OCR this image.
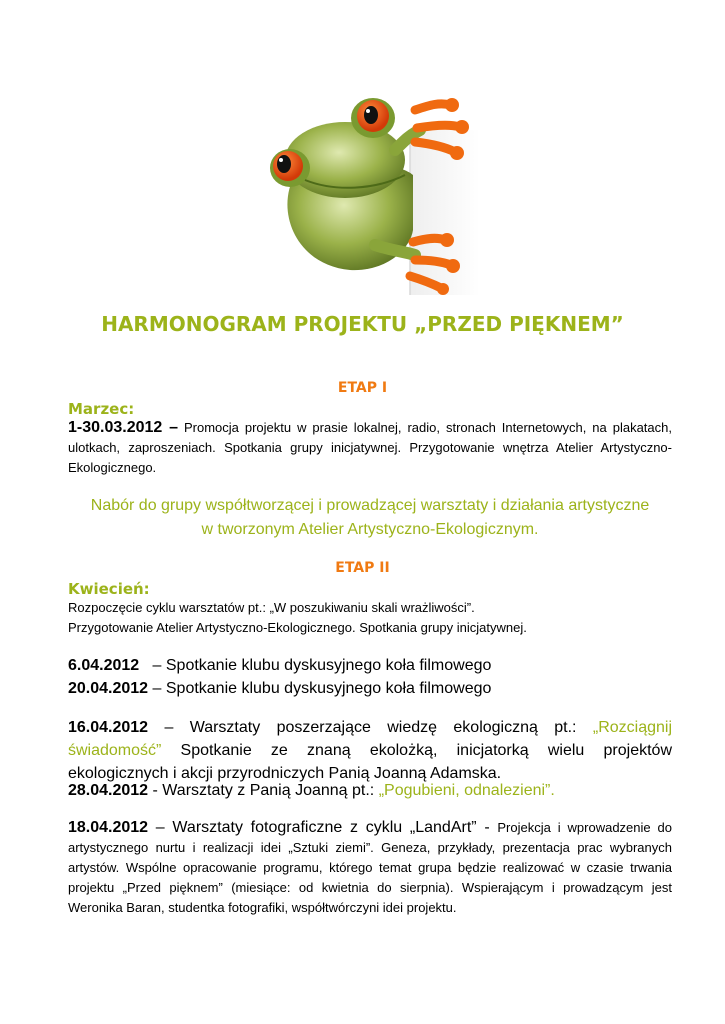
HARMONOGRAM PROJEKTU „PRZED PIĘKNEM”
ETAP I
Marzec:
1-30.03.2012 – Promocja projektu w prasie lokalnej, radio, stronach Internetowych, na plakatach, ulotkach, zaproszeniach. Spotkania grupy inicjatywnej. Przygotowanie wnętrza Atelier Artystyczno-Ekologicznego.

Nabór do grupy współtworzącej i prowadzącej warsztaty i działania artystyczne

w tworzonym Atelier Artystyczno-Ekologicznym.

ETAP II
Kwiecień:

Rozpoczęcie cyklu warsztatów pt.: „W poszukiwaniu skali wrażliwości”.

Przygotowanie Atelier Artystyczno-Ekologicznego. Spotkania grupy inicjatywnej.

6.04.2012   – Spotkanie klubu dyskusyjnego koła filmowego

20.04.2012 – Spotkanie klubu dyskusyjnego koła filmowego

16.04.2012 – Warsztaty poszerzające wiedzę ekologiczną pt.: „Rozciągnij świadomość” Spotkanie ze znaną ekolożką, inicjatorką wielu projektów ekologicznych i akcji przyrodniczych Panią Joanną Adamska.
28.04.2012 - Warsztaty z Panią Joanną pt.: „Pogubieni, odnalezieni”.
18.04.2012 – Warsztaty fotograficzne z cyklu „LandArt” - Projekcja i wprowadzenie do artystycznego nurtu i realizacji idei „Sztuki ziemi”. Geneza, przykłady, prezentacja prac wybranych artystów. Wspólne opracowanie programu, którego temat grupa będzie realizować w czasie trwania projektu „Przed pięknem” (miesiące: od kwietnia do sierpnia). Wspierającym i prowadzącym jest Weronika Baran, studentka fotografiki, współtwórczyni idei projektu.
